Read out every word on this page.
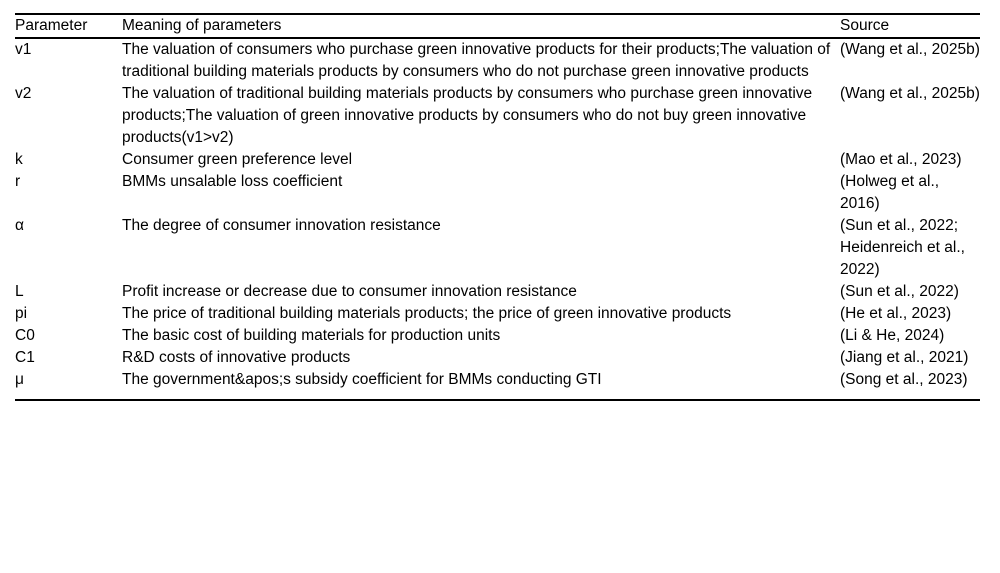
Parameter	Meaning of parameters	Source
v1	The valuation of consumers who purchase green innovative products for their products;The valuation of traditional building materials products by consumers who do not purchase green innovative products	(Wang et al., 2025b)
v2	The valuation of traditional building materials products by consumers who purchase green innovative products;The valuation of green innovative products by consumers who do not buy green innovative products(v1>v2)	(Wang et al., 2025b)
k	Consumer green preference level	(Mao et al., 2023)
r	BMMs unsalable loss coefficient	(Holweg et al., 2016)
α	The degree of consumer innovation resistance	(Sun et al., 2022; Heidenreich et al., 2022)
L	Profit increase or decrease due to consumer innovation resistance	(Sun et al., 2022)
pi	The price of traditional building materials products; the price of green innovative products	(He et al., 2023)
C0	The basic cost of building materials for production units	(Li & He, 2024)
C1	R&D costs of innovative products	(Jiang et al., 2021)
μ	The government&apos;s subsidy coefficient for BMMs conducting GTI	(Song et al., 2023)
